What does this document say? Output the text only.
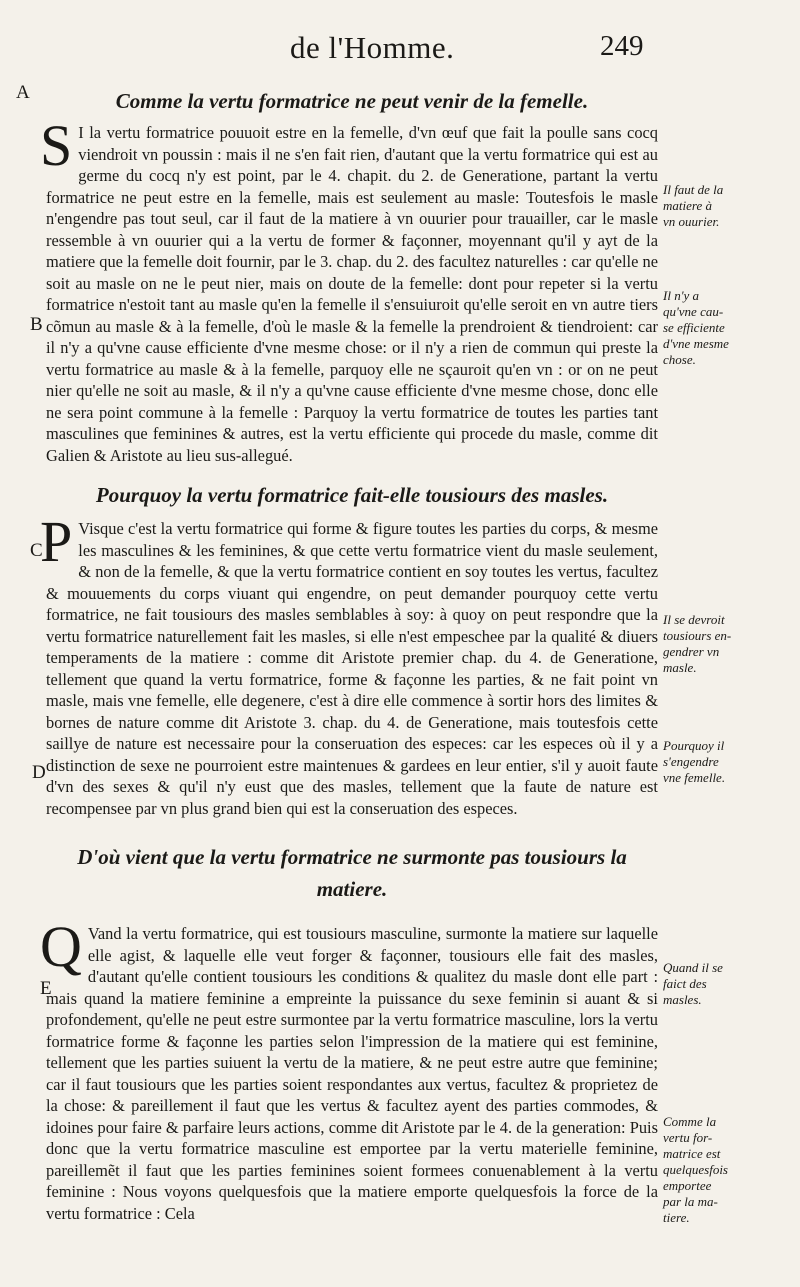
de l'Homme.	249
A
B
C
D
E
Comme la vertu formatrice ne peut venir de la femelle.

S I la vertu formatrice pouuoit estre en la femelle, d'vn œuf que fait la poulle sans cocq viendroit vn poussin : mais il ne s'en fait rien, d'autant que la vertu formatrice qui est au germe du cocq n'y est point, par le 4. chapit. du 2. de Generatione, partant la vertu formatrice ne peut estre en la femelle, mais est seulement au masle: Toutesfois le masle n'engendre pas tout seul, car il faut de la matiere à vn ouurier pour trauailler, car le masle ressemble à vn ouurier qui a la vertu de former & façonner, moyennant qu'il y ayt de la matiere que la femelle doit fournir, par le 3. chap. du 2. des facultez naturelles : car qu'elle ne soit au masle on ne le peut nier, mais on doute de la femelle: dont pour repeter si la vertu formatrice n'estoit tant au masle qu'en la femelle il s'ensuiuroit qu'elle seroit en vn autre tiers cõmun au masle & à la femelle, d'où le masle & la femelle la prendroient & tiendroient: car il n'y a qu'vne cause efficiente d'vne mesme chose: or il n'y a rien de commun qui preste la vertu formatrice au masle & à la femelle, parquoy elle ne sçauroit qu'en vn : or on ne peut nier qu'elle ne soit au masle, & il n'y a qu'vne cause efficiente d'vne mesme chose, donc elle ne sera point commune à la femelle : Parquoy la vertu formatrice de toutes les parties tant masculines que feminines & autres, est la vertu efficiente qui procede du masle, comme dit Galien & Aristote au lieu sus-allegué.

Pourquoy la vertu formatrice fait-elle tousiours des masles.

P Visque c'est la vertu formatrice qui forme & figure toutes les parties du corps, & mesme les masculines & les feminines, & que cette vertu formatrice vient du masle seulement, & non de la femelle, & que la vertu formatrice contient en soy toutes les vertus, facultez & mouuements du corps viuant qui engendre, on peut demander pourquoy cette vertu formatrice, ne fait tousiours des masles semblables à soy: à quoy on peut respondre que la vertu formatrice naturellement fait les masles, si elle n'est empeschee par la qualité & diuers temperaments de la matiere : comme dit Aristote premier chap. du 4. de Generatione, tellement que quand la vertu formatrice, forme & façonne les parties, & ne fait point vn masle, mais vne femelle, elle degenere, c'est à dire elle commence à sortir hors des limites & bornes de nature comme dit Aristote 3. chap. du 4. de Generatione, mais toutesfois cette saillye de nature est necessaire pour la conseruation des especes: car les especes où il y a distinction de sexe ne pourroient estre maintenues & gardees en leur entier, s'il y auoit faute d'vn des sexes & qu'il n'y eust que des masles, tellement que la faute de nature est recompensee par vn plus grand bien qui est la conseruation des especes.

D'où vient que la vertu formatrice ne surmonte pas tousiours la matiere.

Q Vand la vertu formatrice, qui est tousiours masculine, surmonte la matiere sur laquelle elle agist, & laquelle elle veut forger & façonner, tousiours elle fait des masles, d'autant qu'elle contient tousiours les conditions & qualitez du masle dont elle part : mais quand la matiere feminine a empreinte la puissance du sexe feminin si auant & si profondement, qu'elle ne peut estre surmontee par la vertu formatrice masculine, lors la vertu formatrice forme & façonne les parties selon l'impression de la matiere qui est feminine, tellement que les parties suiuent la vertu de la matiere, & ne peut estre autre que feminine; car il faut tousiours que les parties soient respondantes aux vertus, facultez & proprietez de la chose: & pareillement il faut que les vertus & facultez ayent des parties commodes, & idoines pour faire & parfaire leurs actions, comme dit Aristote par le 4. de la generation: Puis donc que la vertu formatrice masculine est emportee par la vertu materielle feminine, pareillemẽt il faut que les parties feminines soient formees conuenablement à la vertu feminine : Nous voyons quelquesfois que la matiere emporte quelquesfois la force de la vertu formatrice : Cela

Il faut de la
matiere à
vn ouurier.
Il n'y a
qu'vne cau-
se efficiente
d'vne mesme
chose.
Il se devroit
tousiours en-
gendrer vn
masle.
Pourquoy il
s'engendre
vne femelle.
Quand il se
faict des
masles.
Comme la
vertu for-
matrice est
quelquesfois
emportee
par la ma-
tiere.
